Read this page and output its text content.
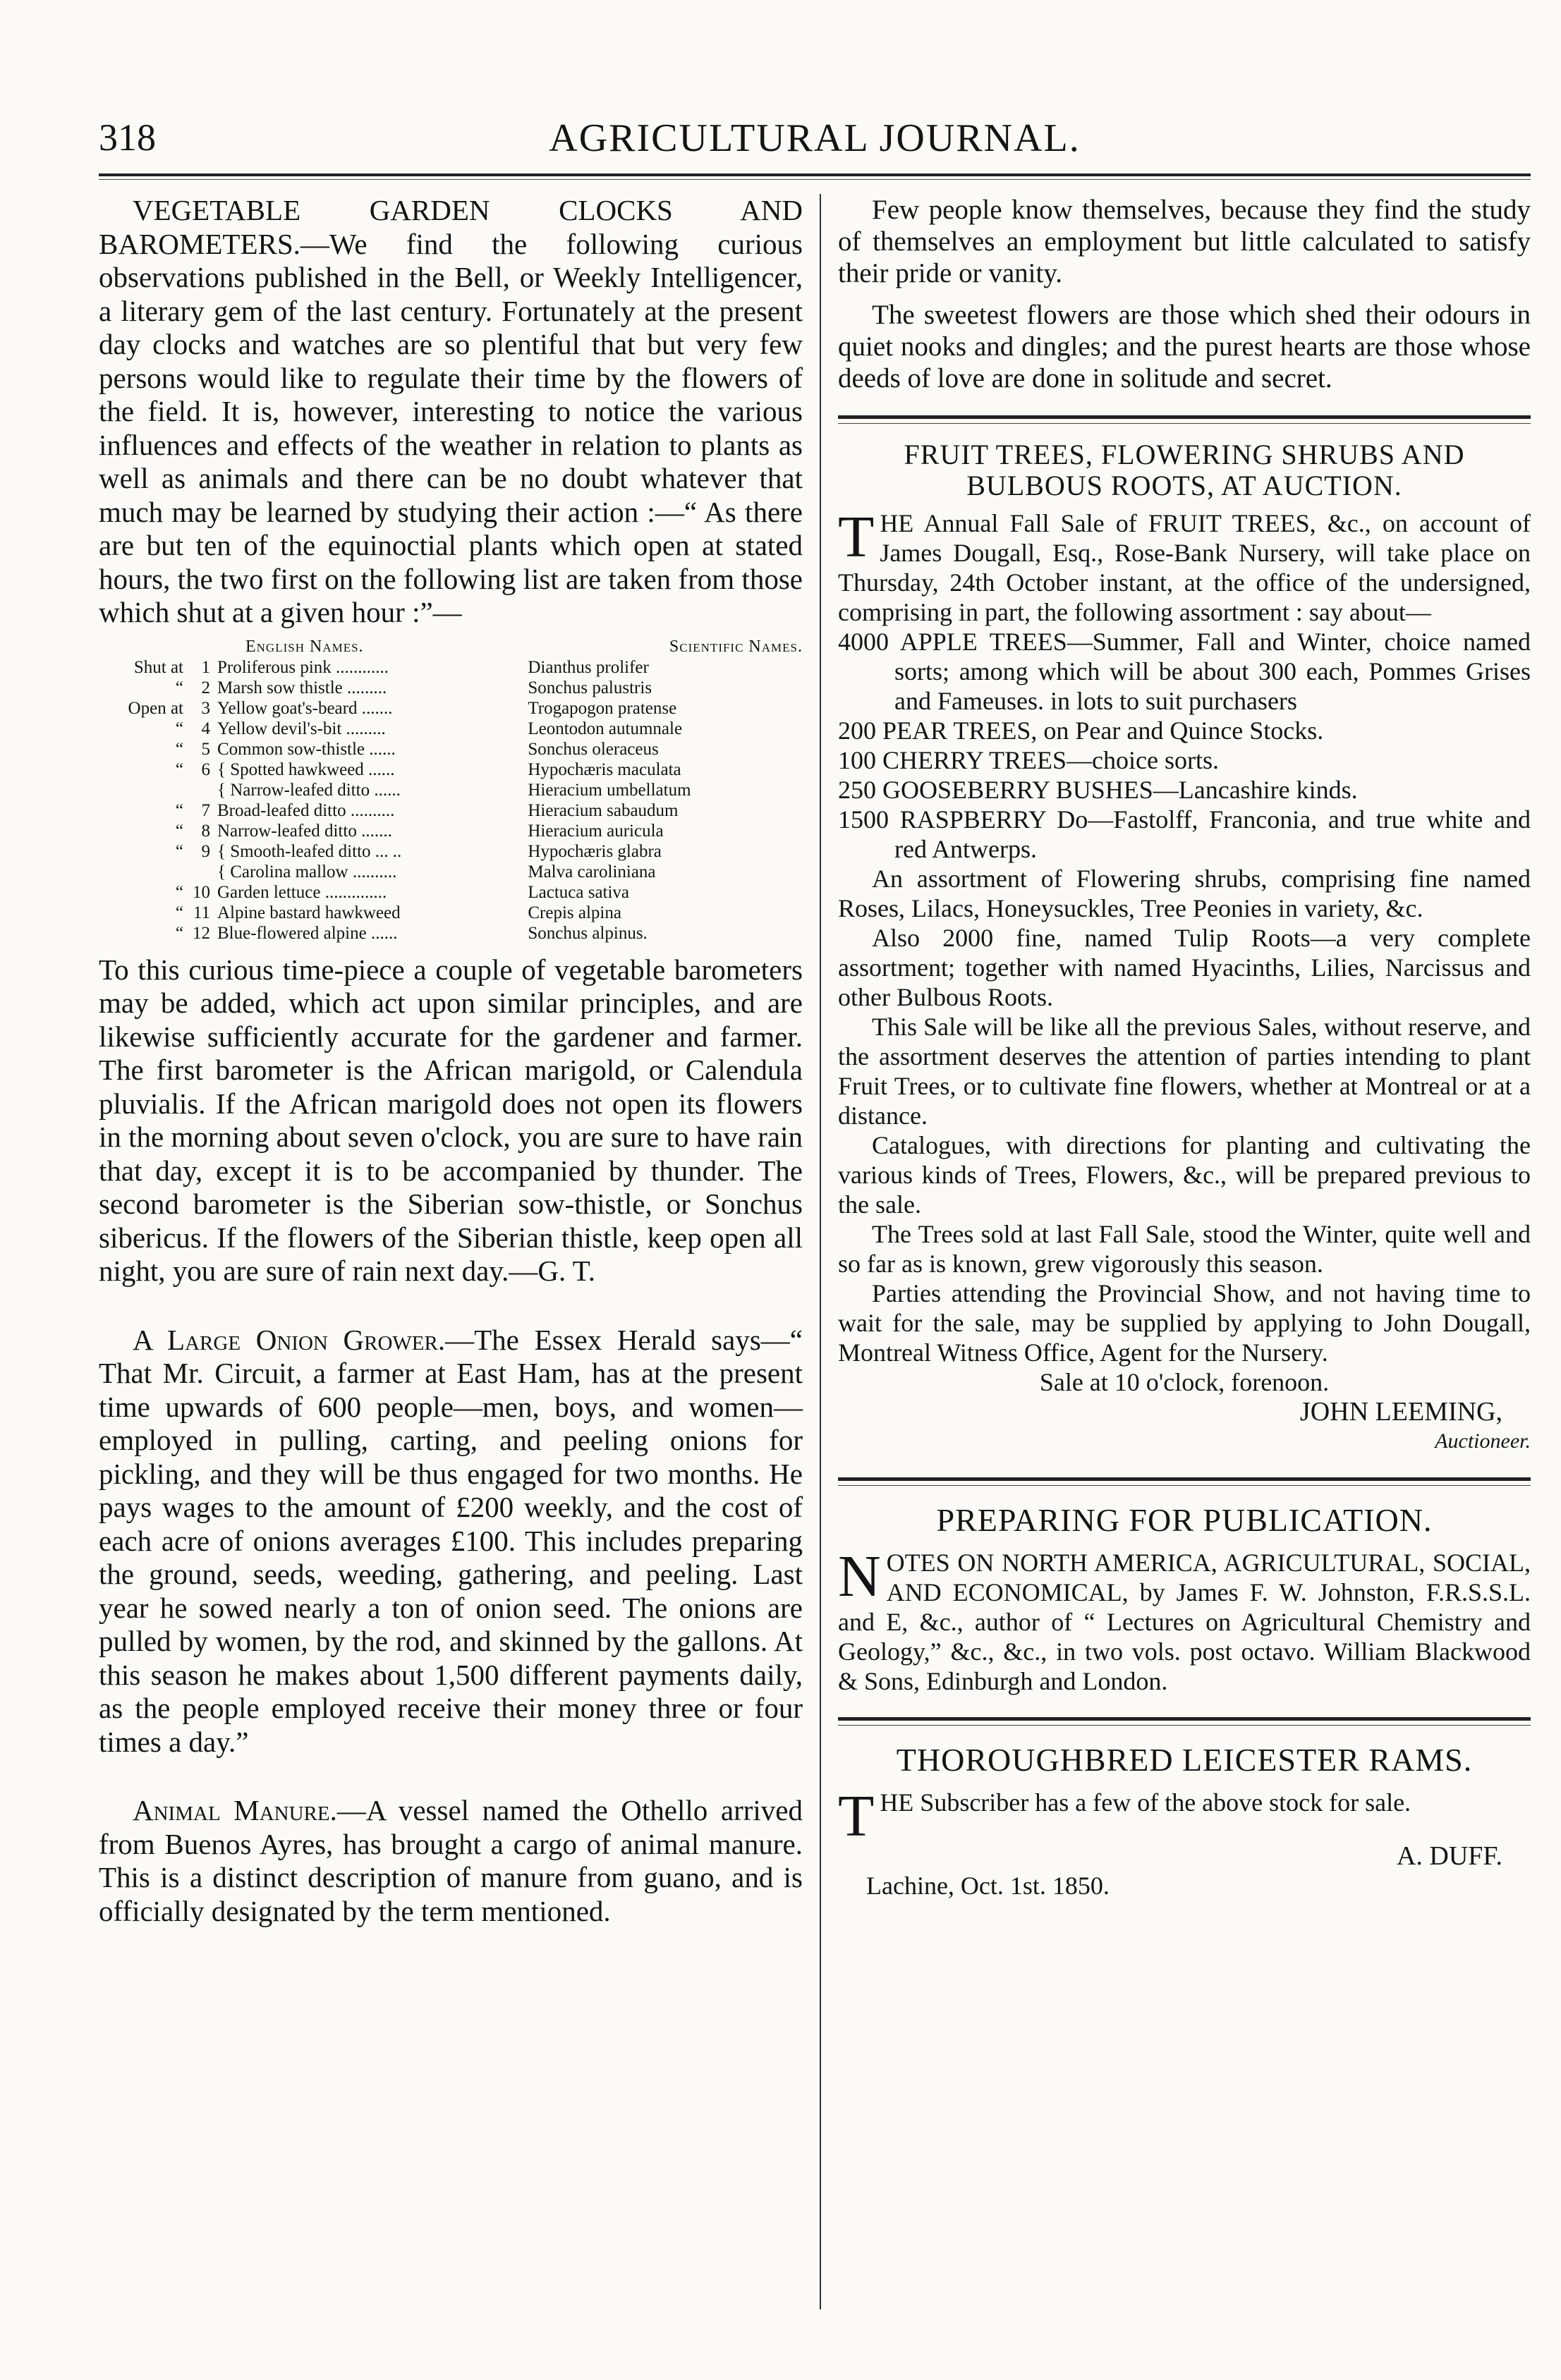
318	AGRICULTURAL JOURNAL.

VEGETABLE GARDEN CLOCKS AND BAROMETERS.—We find the following curious observations published in the Bell, or Weekly Intelligencer, a literary gem of the last century. Fortunately at the present day clocks and watches are so plentiful that but very few persons would like to regulate their time by the flowers of the field. It is, however, interesting to notice the various influences and effects of the weather in relation to plants as well as animals and there can be no doubt whatever that much may be learned by studying their action :—“ As there are but ten of the equinoctial plants which open at stated hours, the two first on the following list are taken from those which shut at a given hour :”—

		English Names.	Scientific Names.
Shut at	1	Proliferous pink ............	Dianthus prolifer
“	2	Marsh sow thistle .........	Sonchus palustris
Open at	3	Yellow goat's-beard .......	Trogapogon pratense
“	4	Yellow devil's-bit .........	Leontodon autumnale
“	5	Common sow-thistle ......	Sonchus oleraceus
“	6	{ Spotted hawkweed ......	Hypochæris maculata
		{ Narrow-leafed ditto ......	Hieracium umbellatum
“	7	Broad-leafed ditto ..........	Hieracium sabaudum
“	8	Narrow-leafed ditto .......	Hieracium auricula
“	9	{ Smooth-leafed ditto ... ..	Hypochæris glabra
		{ Carolina mallow ..........	Malva caroliniana
“	10	Garden lettuce ..............	Lactuca sativa
“	11	Alpine bastard hawkweed	Crepis alpina
“	12	Blue-flowered alpine ......	Sonchus alpinus.

To this curious time-piece a couple of vegetable barometers may be added, which act upon similar principles, and are likewise sufficiently accurate for the gardener and farmer. The first barometer is the African marigold, or Calendula pluvialis. If the African marigold does not open its flowers in the morning about seven o'clock, you are sure to have rain that day, except it is to be accompanied by thunder. The second barometer is the Siberian sow-thistle, or Sonchus sibericus. If the flowers of the Siberian thistle, keep open all night, you are sure of rain next day.—G. T.

A Large Onion Grower.—The Essex Herald says—“ That Mr. Circuit, a farmer at East Ham, has at the present time upwards of 600 people—men, boys, and women—employed in pulling, carting, and peeling onions for pickling, and they will be thus engaged for two months. He pays wages to the amount of £200 weekly, and the cost of each acre of onions averages £100. This includes preparing the ground, seeds, weeding, gathering, and peeling. Last year he sowed nearly a ton of onion seed. The onions are pulled by women, by the rod, and skinned by the gallons. At this season he makes about 1,500 different payments daily, as the people employed receive their money three or four times a day.”

Animal Manure.—A vessel named the Othello arrived from Buenos Ayres, has brought a cargo of animal manure. This is a distinct description of manure from guano, and is officially designated by the term mentioned.

Few people know themselves, because they find the study of themselves an employment but little calculated to satisfy their pride or vanity.

The sweetest flowers are those which shed their odours in quiet nooks and dingles; and the purest hearts are those whose deeds of love are done in solitude and secret.

FRUIT TREES, FLOWERING SHRUBS AND BULBOUS ROOTS, AT AUCTION.

THE Annual Fall Sale of FRUIT TREES, &c., on account of James Dougall, Esq., Rose-Bank Nursery, will take place on Thursday, 24th October instant, at the office of the undersigned, comprising in part, the following assortment : say about—

4000 APPLE TREES—Summer, Fall and Winter, choice named sorts; among which will be about 300 each, Pommes Grises and Fameuses. in lots to suit purchasers

200 PEAR TREES, on Pear and Quince Stocks.

100 CHERRY TREES—choice sorts.

250 GOOSEBERRY BUSHES—Lancashire kinds.

1500 RASPBERRY Do—Fastolff, Franconia, and true white and red Antwerps.

An assortment of Flowering shrubs, comprising fine named Roses, Lilacs, Honeysuckles, Tree Peonies in variety, &c.

Also 2000 fine, named Tulip Roots—a very complete assortment; together with named Hyacinths, Lilies, Narcissus and other Bulbous Roots.

This Sale will be like all the previous Sales, without reserve, and the assortment deserves the attention of parties intending to plant Fruit Trees, or to cultivate fine flowers, whether at Montreal or at a distance.

Catalogues, with directions for planting and cultivating the various kinds of Trees, Flowers, &c., will be prepared previous to the sale.

The Trees sold at last Fall Sale, stood the Winter, quite well and so far as is known, grew vigorously this season.

Parties attending the Provincial Show, and not having time to wait for the sale, may be supplied by applying to John Dougall, Montreal Witness Office, Agent for the Nursery.

Sale at 10 o'clock, forenoon.

JOHN LEEMING,

Auctioneer.

PREPARING FOR PUBLICATION.

NOTES ON NORTH AMERICA, AGRICULTURAL, SOCIAL, AND ECONOMICAL, by James F. W. Johnston, F.R.S.S.L. and E, &c., author of “ Lectures on Agricultural Chemistry and Geology,” &c., &c., in two vols. post octavo. William Blackwood & Sons, Edinburgh and London.

THOROUGHBRED LEICESTER RAMS.

THE Subscriber has a few of the above stock for sale.

A. DUFF.

Lachine, Oct. 1st. 1850.
